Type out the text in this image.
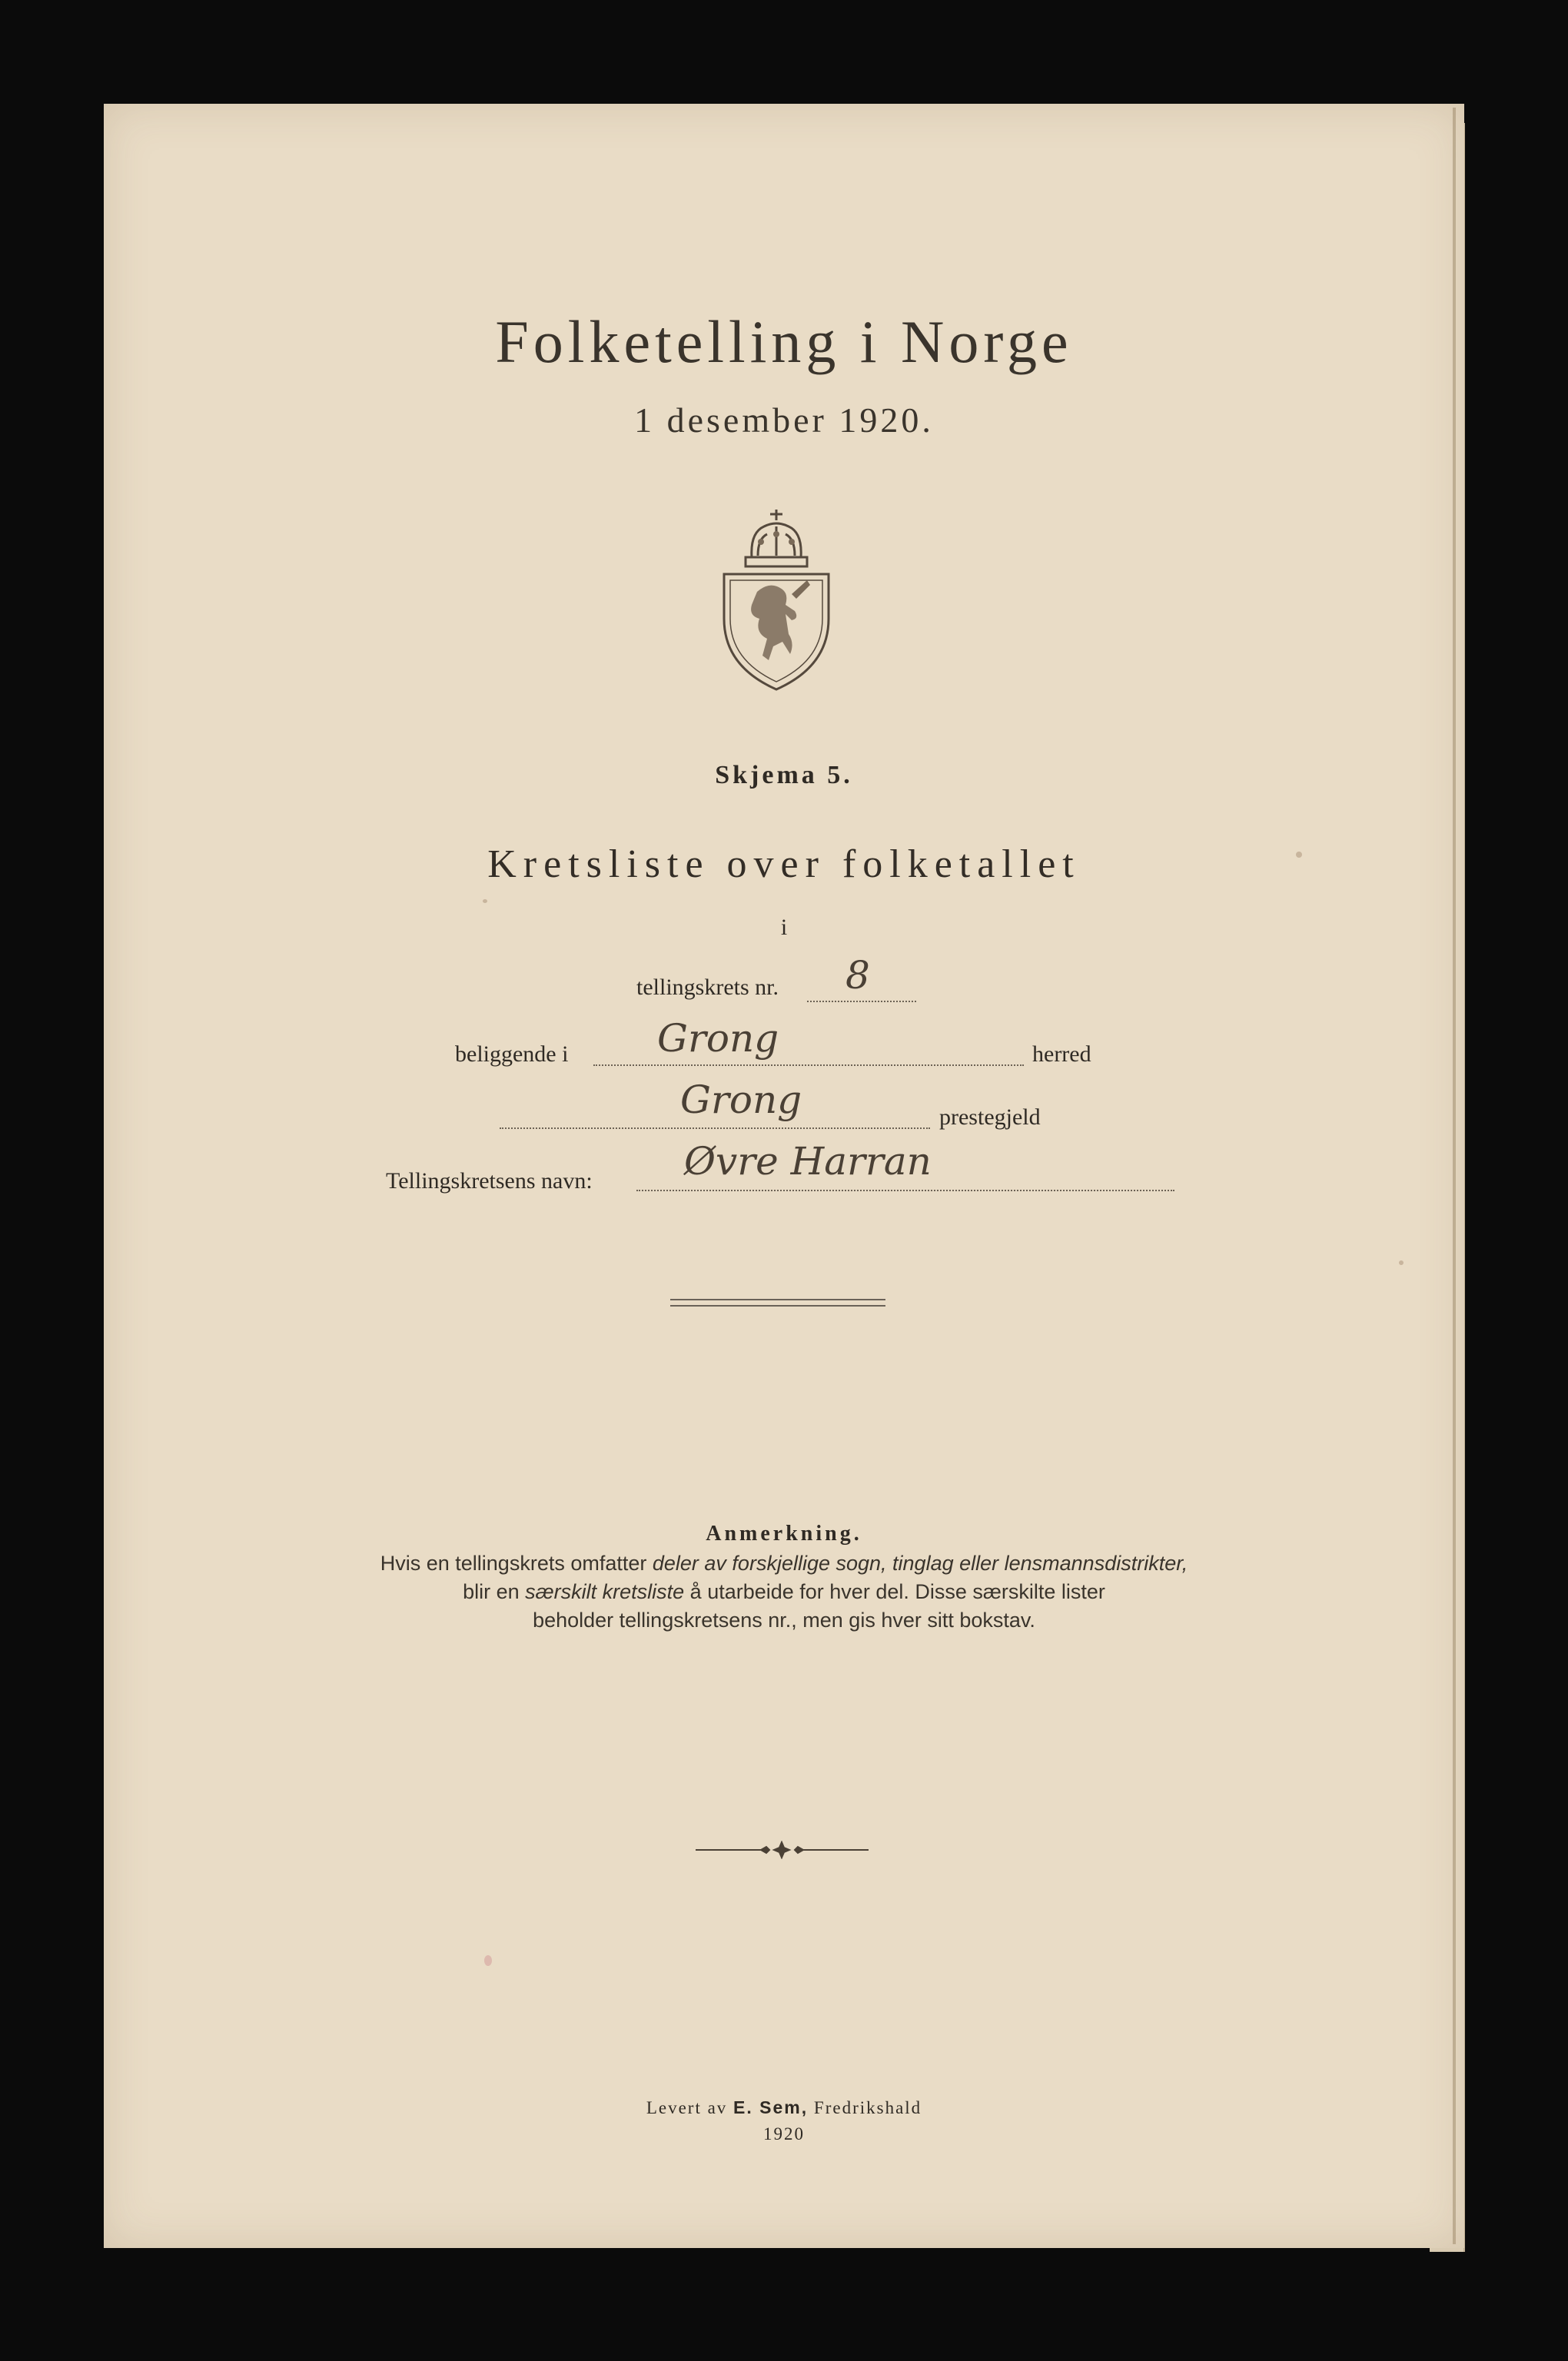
Folketelling i Norge
1 desember 1920.
Skjema 5.
Kretsliste over folketallet
i
tellingskrets nr. 8
beliggende i Grong	herred
Grong	prestegjeld
Tellingskretsens navn: Øvre Harran
Anmerkning.
Hvis en tellingskrets omfatter deler av forskjellige sogn, tinglag eller lensmannsdistrikter,
blir en særskilt kretsliste å utarbeide for hver del. Disse særskilte lister
beholder tellingskretsens nr., men gis hver sitt bokstav.
Levert av E. Sem, Fredrikshald
1920
